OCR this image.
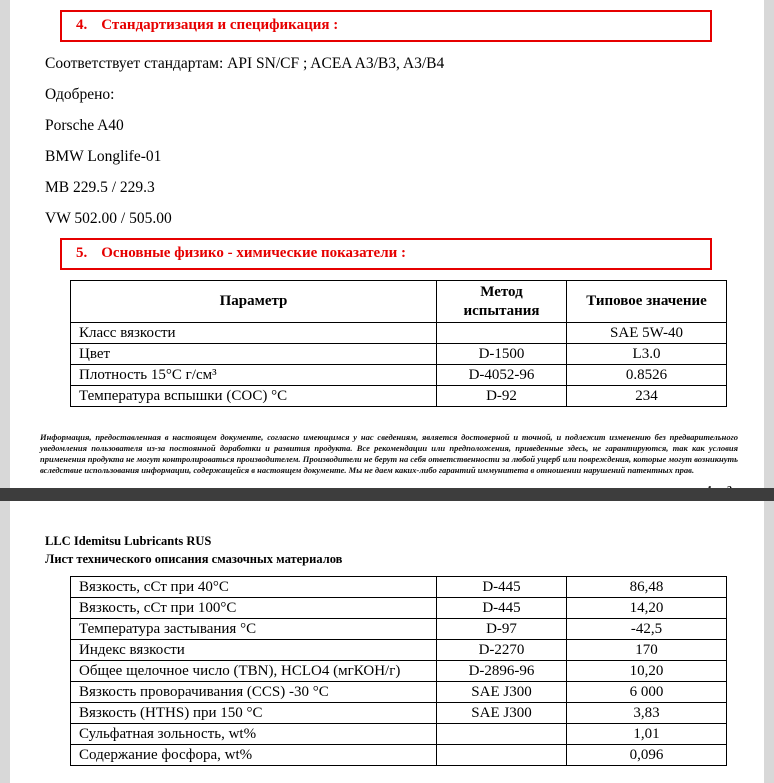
4. Стандартизация и спецификация :

Соответствует стандартам: API SN/CF ; ACEA A3/B3, A3/B4

Одобрено:

Porsche A40

BMW Longlife-01

MB 229.5 / 229.3

VW 502.00 / 505.00

5. Основные физико - химические показатели :
Параметр	Метод испытания	Типовое значение
Класс вязкости		SAE 5W-40
Цвет	D-1500	L3.0
Плотность 15°С г/см³	D-4052-96	0.8526
Температура вспышки (СОС) °С	D-92	234

Информация, предоставленная в настоящем документе, согласно имеющимся у нас сведениям, является достоверной и точной, и подлежит изменению без предварительного уведомления пользователя из-за постоянной доработки и развития продукта. Все рекомендации или предположения, приведенные здесь, не гарантируются, так как условия применения продукта не могут контролироваться производителем. Производители не берут на себя ответственности за любой ущерб или повреждения, которые могут возникнуть вследствие использования информации, содержащейся в настоящем документе. Мы не даем каких-либо гарантий иммунитета в отношении нарушений патентных прав.

LLC Idemitsu Lubricants RUS

Лист технического описания смазочных материалов

Вязкость, сСт при 40°С	D-445	86,48
Вязкость, сСт при 100°С	D-445	14,20
Температура застывания °С	D-97	-42,5
Индекс вязкости	D-2270	170
Общее щелочное число (TBN), HCLO4 (мгКОН/г)	D-2896-96	10,20
Вязкость проворачивания (CCS) -30 °С	SAE J300	6 000
Вязкость (HTHS) при 150 °С	SAE J300	3,83
Сульфатная зольность, wt%		1,01
Содержание фосфора, wt%		0,096
